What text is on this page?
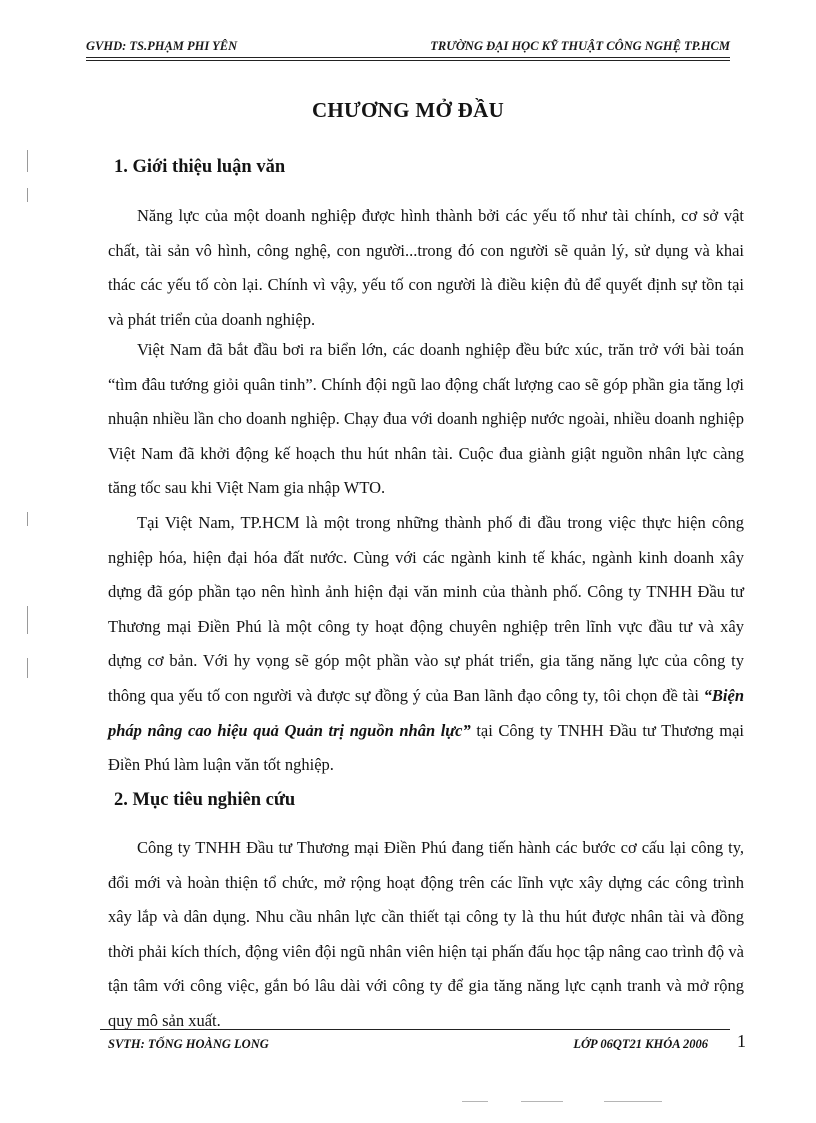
GVHD: TS.PHẠM PHI YÊN	TRƯỜNG ĐẠI HỌC KỸ THUẬT CÔNG NGHỆ TP.HCM
CHƯƠNG MỞ ĐẦU
1. Giới thiệu luận văn
Năng lực của một doanh nghiệp được hình thành bởi các yếu tố như tài chính, cơ sở vật chất, tài sản vô hình, công nghệ, con người...trong đó con người sẽ quản lý, sử dụng và khai thác các yếu tố còn lại. Chính vì vậy, yếu tố con người là điều kiện đủ để quyết định sự tồn tại và phát triển của doanh nghiệp.
Việt Nam đã bắt đầu bơi ra biển lớn, các doanh nghiệp đều bức xúc, trăn trở với bài toán “tìm đâu tướng giỏi quân tinh”. Chính đội ngũ lao động chất lượng cao sẽ góp phần gia tăng lợi nhuận nhiều lần cho doanh nghiệp. Chạy đua với doanh nghiệp nước ngoài, nhiều doanh nghiệp Việt Nam đã khởi động kế hoạch thu hút nhân tài. Cuộc đua giành giật nguồn nhân lực càng tăng tốc sau khi Việt Nam gia nhập WTO.
Tại Việt Nam, TP.HCM là một trong những thành phố đi đầu trong việc thực hiện công nghiệp hóa, hiện đại hóa đất nước. Cùng với các ngành kinh tế khác, ngành kinh doanh xây dựng đã góp phần tạo nên hình ảnh hiện đại văn minh của thành phố. Công ty TNHH Đầu tư Thương mại Điền Phú là một công ty hoạt động chuyên nghiệp trên lĩnh vực đầu tư và xây dựng cơ bản. Với hy vọng sẽ góp một phần vào sự phát triển, gia tăng năng lực của công ty thông qua yếu tố con người và được sự đồng ý của Ban lãnh đạo công ty, tôi chọn đề tài “Biện pháp nâng cao hiệu quả Quản trị nguồn nhân lực” tại Công ty TNHH Đầu tư Thương mại Điền Phú làm luận văn tốt nghiệp.
2. Mục tiêu nghiên cứu
Công ty TNHH Đầu tư Thương mại Điền Phú đang tiến hành các bước cơ cấu lại công ty, đổi mới và hoàn thiện tổ chức, mở rộng hoạt động trên các lĩnh vực xây dựng các công trình xây lắp và dân dụng. Nhu cầu nhân lực cần thiết tại công ty là thu hút được nhân tài và đồng thời phải kích thích, động viên đội ngũ nhân viên hiện tại phấn đấu học tập nâng cao trình độ và tận tâm với công việc, gắn bó lâu dài với công ty để gia tăng năng lực cạnh tranh và mở rộng quy mô sản xuất.
SVTH: TỐNG HOÀNG LONG	LỚP 06QT21 KHÓA 2006 1
